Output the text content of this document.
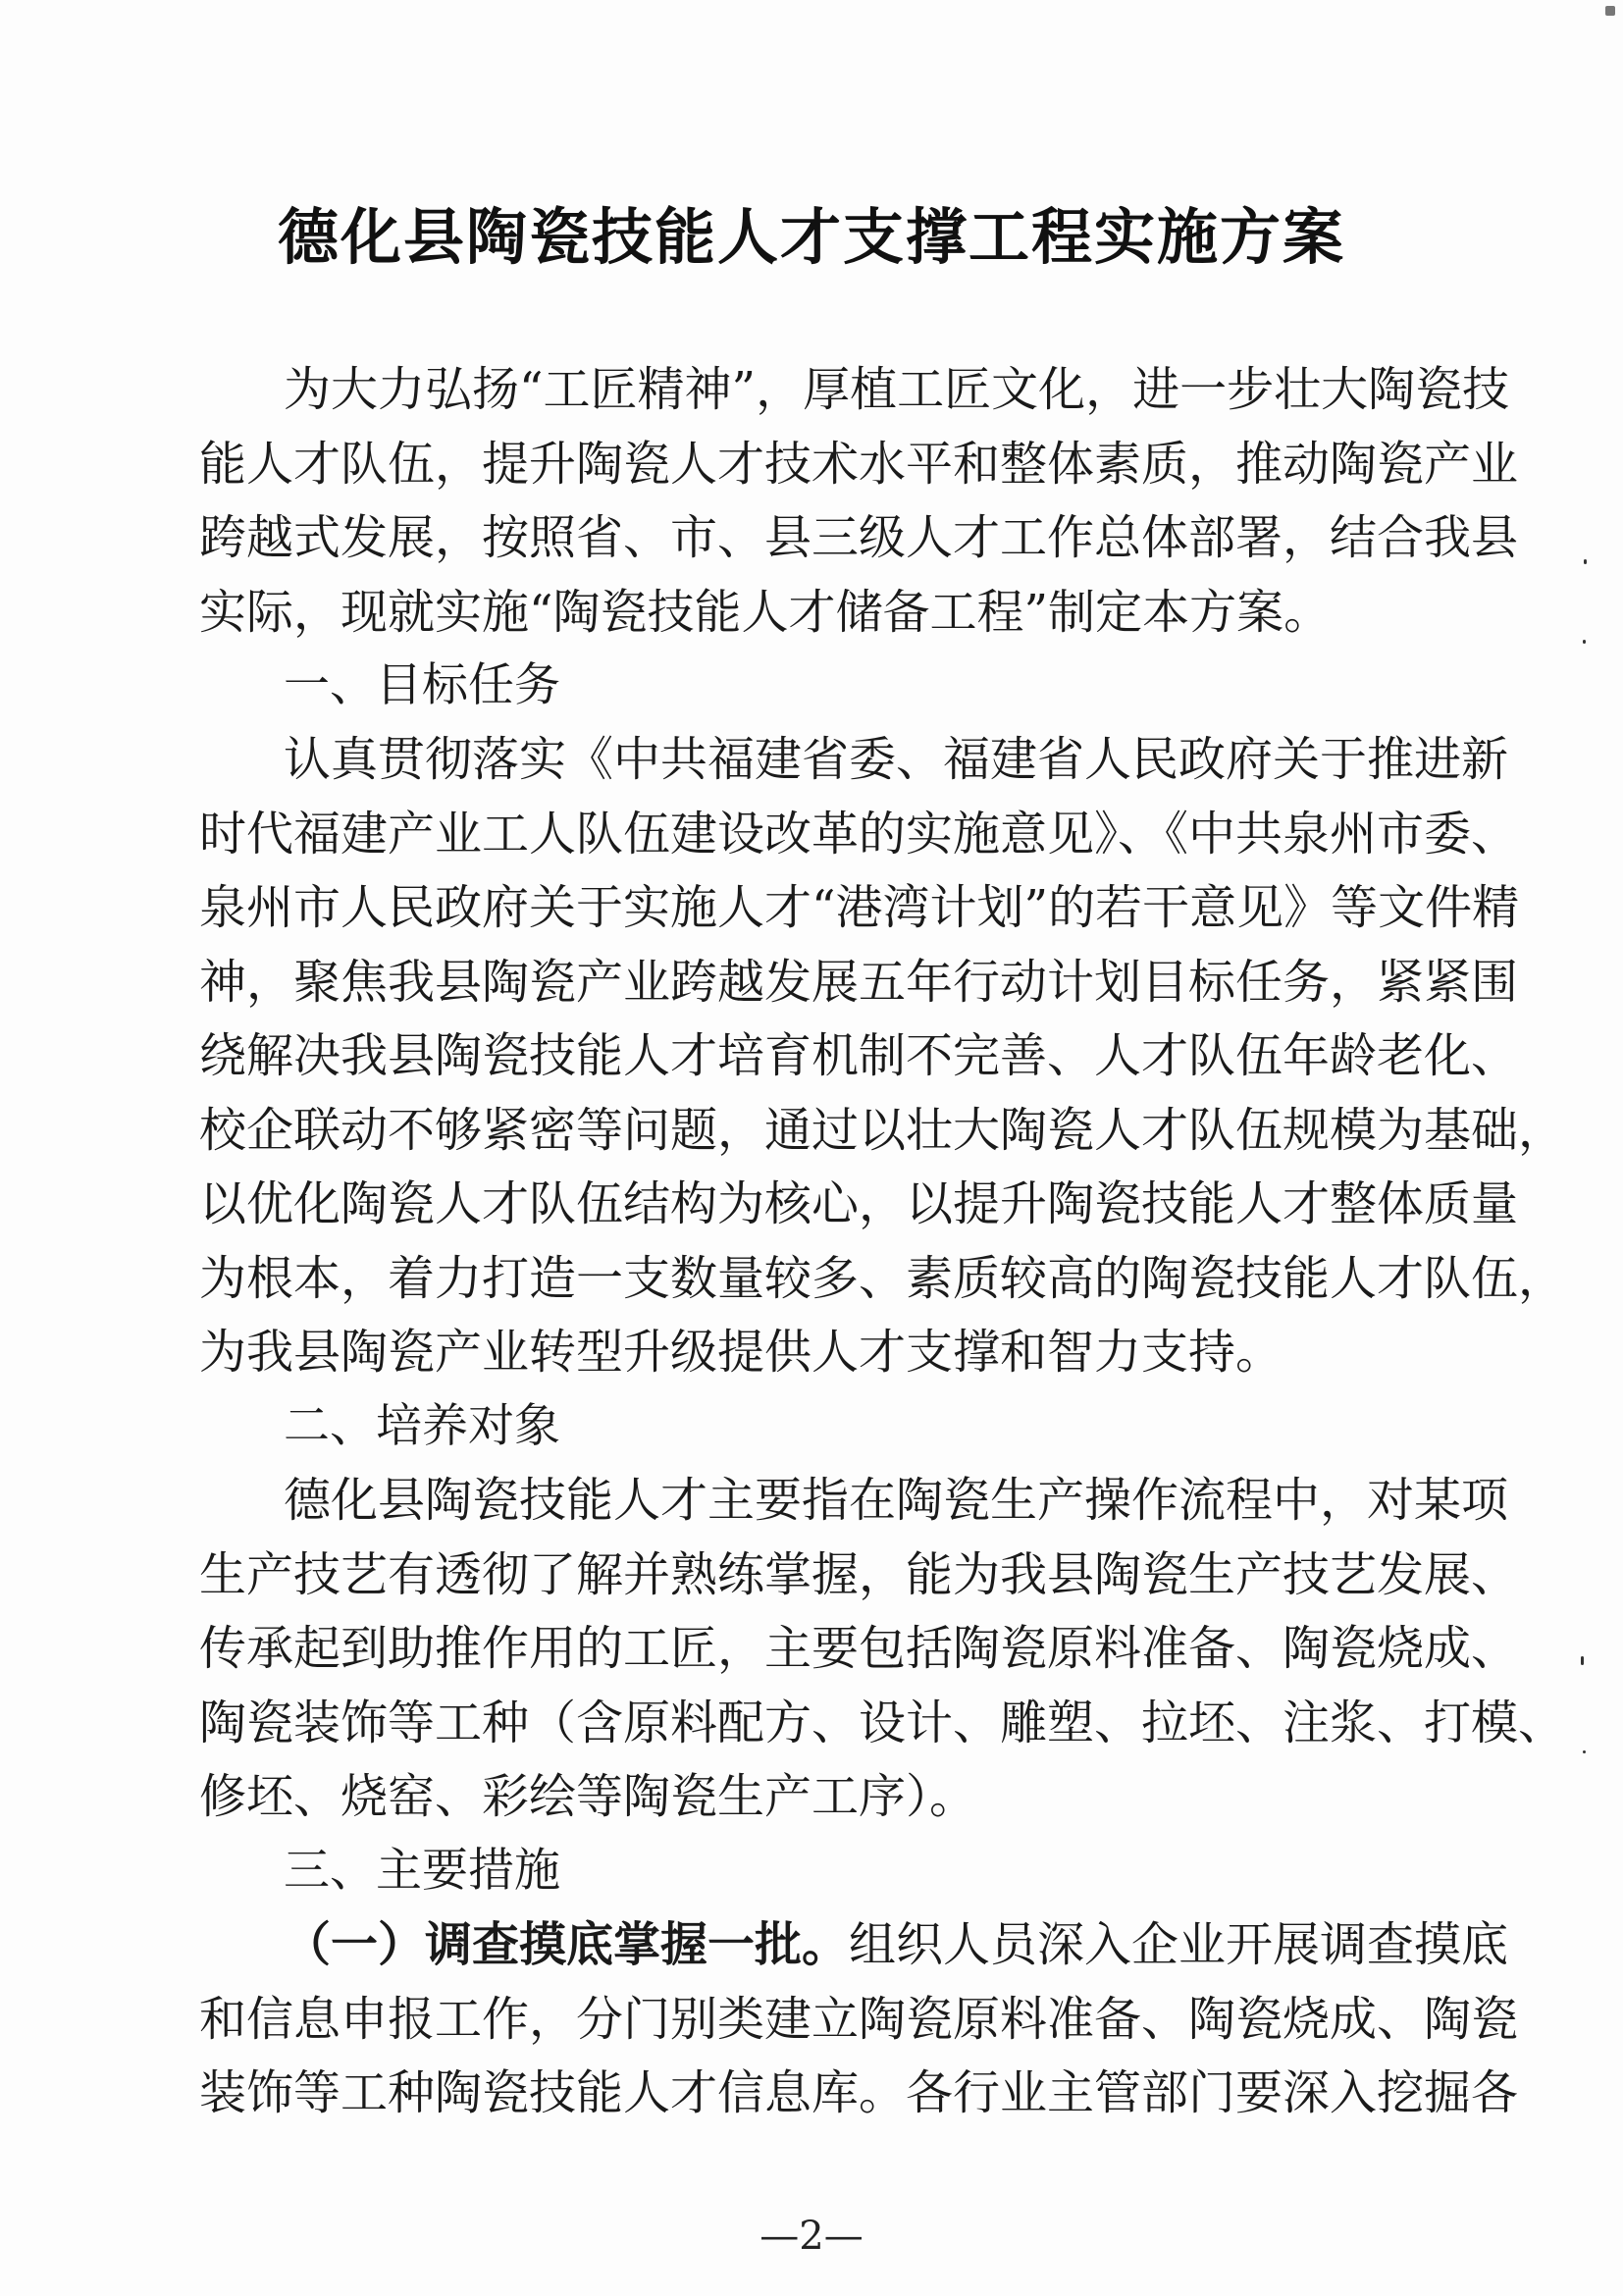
德化县陶瓷技能人才支撑工程实施方案
为大力弘扬“工匠精神”，厚植工匠文化，进一步壮大陶瓷技
能人才队伍，提升陶瓷人才技术水平和整体素质，推动陶瓷产业
跨越式发展，按照省、市、县三级人才工作总体部署，结合我县
实际，现就实施“陶瓷技能人才储备工程”制定本方案。
一、目标任务
认真贯彻落实《中共福建省委、福建省人民政府关于推进新
时代福建产业工人队伍建设改革的实施意见》、《中共泉州市委、
泉州市人民政府关于实施人才“港湾计划”的若干意见》等文件精
神，聚焦我县陶瓷产业跨越发展五年行动计划目标任务，紧紧围
绕解决我县陶瓷技能人才培育机制不完善、人才队伍年龄老化、
校企联动不够紧密等问题，通过以壮大陶瓷人才队伍规模为基础，
以优化陶瓷人才队伍结构为核心，以提升陶瓷技能人才整体质量
为根本，着力打造一支数量较多、素质较高的陶瓷技能人才队伍，
为我县陶瓷产业转型升级提供人才支撑和智力支持。
二、培养对象
德化县陶瓷技能人才主要指在陶瓷生产操作流程中，对某项
生产技艺有透彻了解并熟练掌握，能为我县陶瓷生产技艺发展、
传承起到助推作用的工匠，主要包括陶瓷原料准备、陶瓷烧成、
陶瓷装饰等工种（含原料配方、设计、雕塑、拉坯、注浆、打模、
修坯、烧窑、彩绘等陶瓷生产工序）。
三、主要措施
（一）调查摸底掌握一批。组织人员深入企业开展调查摸底
和信息申报工作，分门别类建立陶瓷原料准备、陶瓷烧成、陶瓷
装饰等工种陶瓷技能人才信息库。各行业主管部门要深入挖掘各
—2—
